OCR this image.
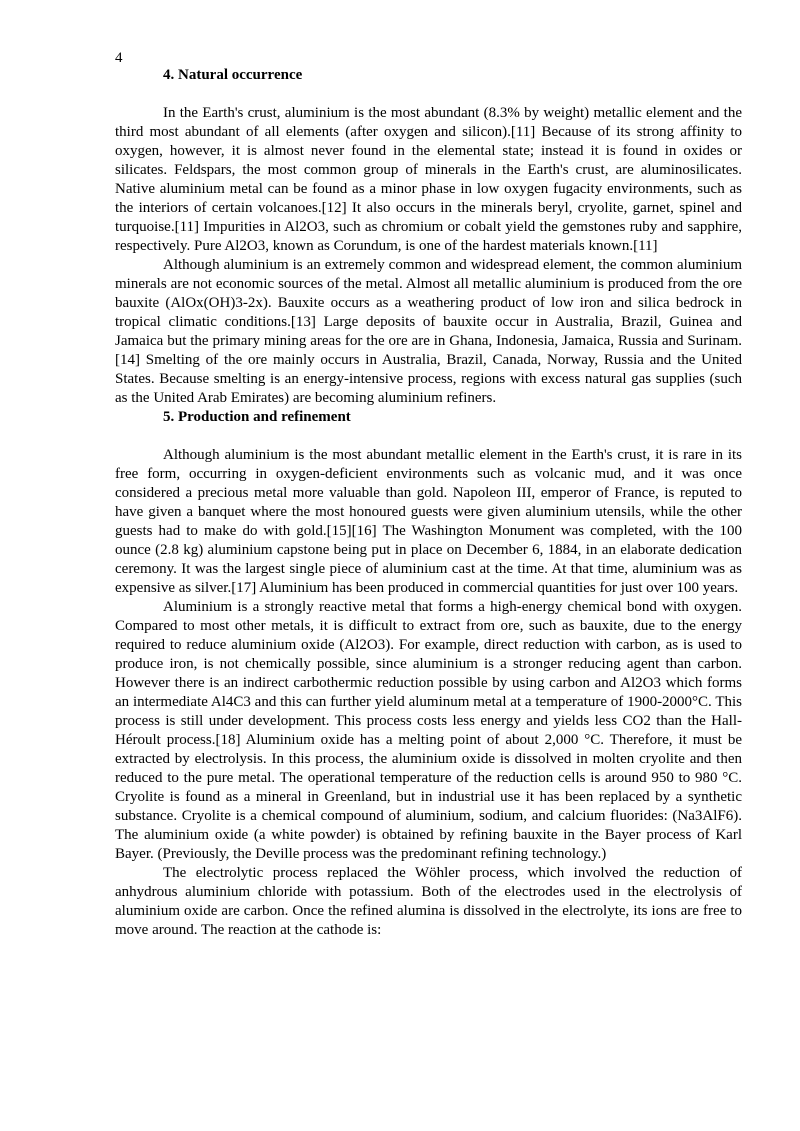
4
4. Natural occurrence

In the Earth's crust, aluminium is the most abundant (8.3% by weight) metallic element and the third most abundant of all elements (after oxygen and silicon).[11] Because of its strong affinity to oxygen, however, it is almost never found in the elemental state; instead it is found in oxides or silicates. Feldspars, the most common group of minerals in the Earth's crust, are aluminosilicates. Native aluminium metal can be found as a minor phase in low oxygen fugacity environments, such as the interiors of certain volcanoes.[12] It also occurs in the minerals beryl, cryolite, garnet, spinel and turquoise.[11] Impurities in Al2O3, such as chromium or cobalt yield the gemstones ruby and sapphire, respectively. Pure Al2O3, known as Corundum, is one of the hardest materials known.[11]

Although aluminium is an extremely common and widespread element, the common aluminium minerals are not economic sources of the metal. Almost all metallic aluminium is produced from the ore bauxite (AlOx(OH)3-2x). Bauxite occurs as a weathering product of low iron and silica bedrock in tropical climatic conditions.[13] Large deposits of bauxite occur in Australia, Brazil, Guinea and Jamaica but the primary mining areas for the ore are in Ghana, Indonesia, Jamaica, Russia and Surinam.[14] Smelting of the ore mainly occurs in Australia, Brazil, Canada, Norway, Russia and the United States. Because smelting is an energy-intensive process, regions with excess natural gas supplies (such as the United Arab Emirates) are becoming aluminium refiners.

5. Production and refinement

Although aluminium is the most abundant metallic element in the Earth's crust, it is rare in its free form, occurring in oxygen-deficient environments such as volcanic mud, and it was once considered a precious metal more valuable than gold. Napoleon III, emperor of France, is reputed to have given a banquet where the most honoured guests were given aluminium utensils, while the other guests had to make do with gold.[15][16] The Washington Monument was completed, with the 100 ounce (2.8 kg) aluminium capstone being put in place on December 6, 1884, in an elaborate dedication ceremony. It was the largest single piece of aluminium cast at the time. At that time, aluminium was as expensive as silver.[17] Aluminium has been produced in commercial quantities for just over 100 years.

Aluminium is a strongly reactive metal that forms a high-energy chemical bond with oxygen. Compared to most other metals, it is difficult to extract from ore, such as bauxite, due to the energy required to reduce aluminium oxide (Al2O3). For example, direct reduction with carbon, as is used to produce iron, is not chemically possible, since aluminium is a stronger reducing agent than carbon. However there is an indirect carbothermic reduction possible by using carbon and Al2O3 which forms an intermediate Al4C3 and this can further yield aluminum metal at a temperature of 1900-2000°C. This process is still under development. This process costs less energy and yields less CO2 than the Hall-Héroult process.[18] Aluminium oxide has a melting point of about 2,000 °C. Therefore, it must be extracted by electrolysis. In this process, the aluminium oxide is dissolved in molten cryolite and then reduced to the pure metal. The operational temperature of the reduction cells is around 950 to 980 °C. Cryolite is found as a mineral in Greenland, but in industrial use it has been replaced by a synthetic substance. Cryolite is a chemical compound of aluminium, sodium, and calcium fluorides: (Na3AlF6). The aluminium oxide (a white powder) is obtained by refining bauxite in the Bayer process of Karl Bayer. (Previously, the Deville process was the predominant refining technology.)

The electrolytic process replaced the Wöhler process, which involved the reduction of anhydrous aluminium chloride with potassium. Both of the electrodes used in the electrolysis of aluminium oxide are carbon. Once the refined alumina is dissolved in the electrolyte, its ions are free to move around. The reaction at the cathode is:
